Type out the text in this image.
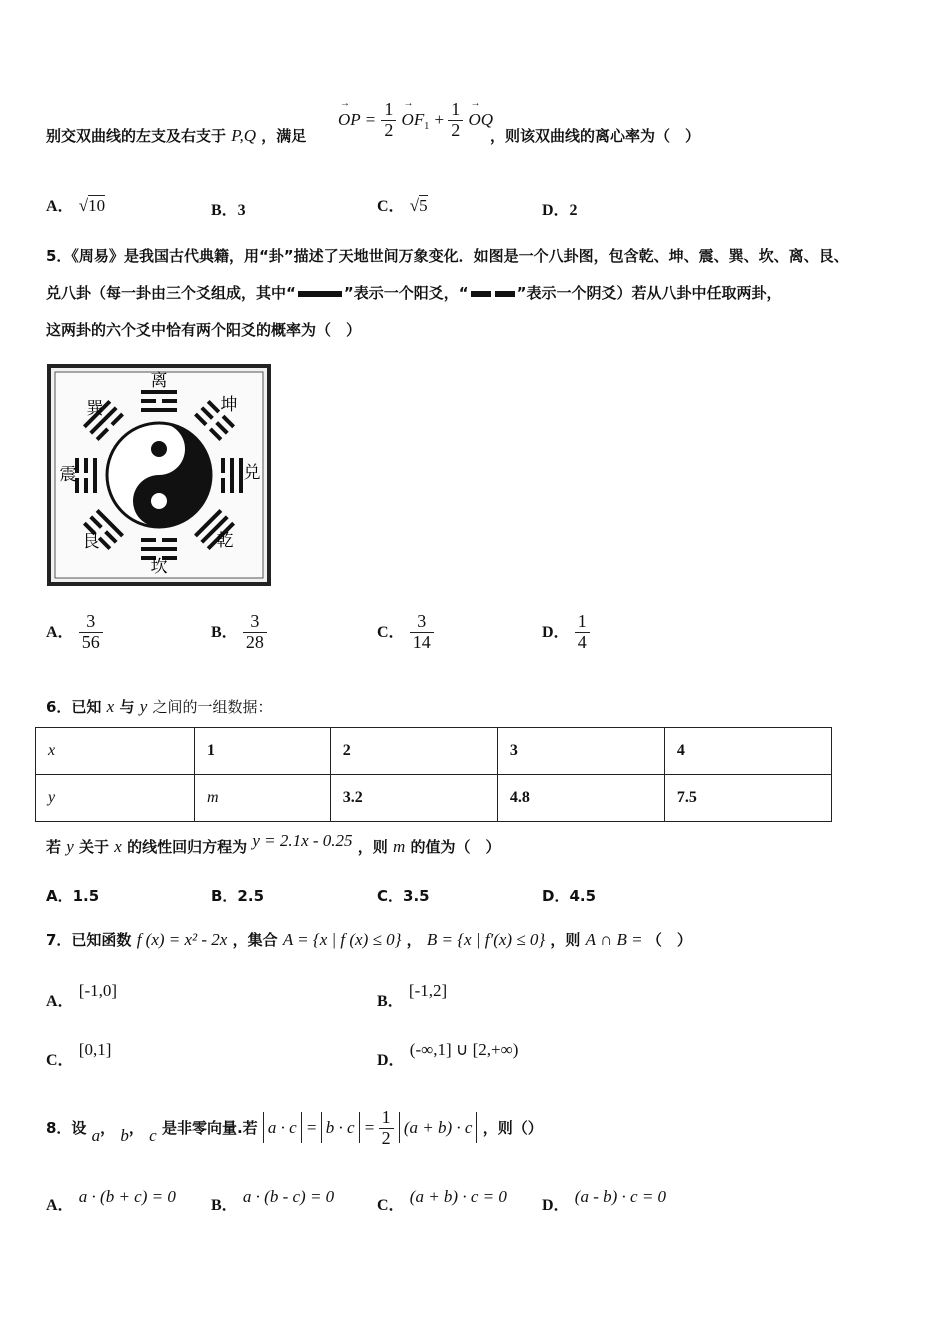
别交双曲线的左支及右支于 P,Q ，满足
→ OP = $\frac{1}{2} \to OF_1 + \frac{1}{2}$ → OQ
，则该双曲线的离心率为（　）
A． √10	B．3	C． √5	D．2
5．《周易》是我国古代典籍，用“卦”描述了天地世间万象变化．如图是一个八卦图，包含乾、坤、震、巽、坎、离、艮、
兑八卦（每一卦由三个爻组成，其中“	”表示一个阳爻，“	”表示一个阴爻）若从八卦中任取两卦，
这两卦的六个爻中恰有两个阳爻的概率为（　）
离
巽	坤
震	兑
艮	乾
坎
A． $\frac{3}{56}$	B． $\frac{3}{28}$	C． $\frac{3}{14}$	D． $\frac{1}{4}$
6．已知 x 与 y 之间的一组数据：
x	1	2	3	4
y	m	3.2	4.8	7.5
若 y 关于 x 的线性回归方程为 y = 2.1x - 0.25 ，则 m 的值为（　）
A．1.5	B．2.5	C．3.5	D．4.5
7．已知函数 f (x) = x² - 2x ，集合 A = {x | f (x) ≤ 0} ， B = {x | f′(x) ≤ 0} ，则 A ∩ B = （　）
A． [-1,0]
B． [-1,2]
C． [0,1]
D． (-∞,1] ∪ [2,+∞)
8．设 a， b， c 是非零向量.若 $a \cdot c = b \cdot c = \frac{1}{2} (a + b) \cdot c$ ，则（）
A． a · (b + c) = 0 B． a · (b - c) = 0	C． (a + b) · c = 0 D． (a - b) · c = 0
